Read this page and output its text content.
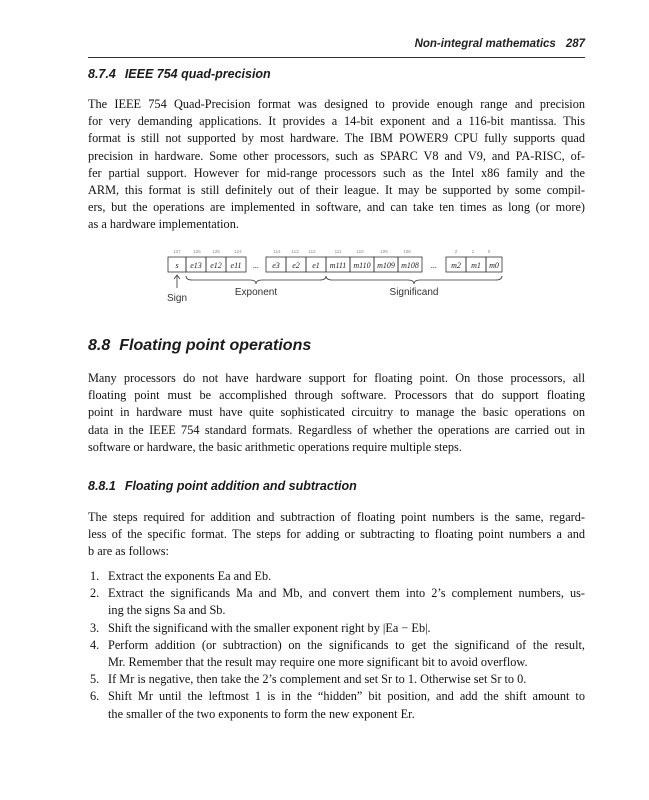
Non-integral mathematics 287
8.7.4 IEEE 754 quad-precision
The IEEE 754 Quad-Precision format was designed to provide enough range and precision
for very demanding applications. It provides a 14-bit exponent and a 116-bit mantissa. This
format is still not supported by most hardware. The IBM POWER9 CPU fully supports quad
precision in hardware. Some other processors, such as SPARC V8 and V9, and PA-RISC, of-
fer partial support. However for mid-range processors such as the Intel x86 family and the
ARM, this format is still definitely out of their league. It may be supported by some compil-
ers, but the operations are implemented in software, and can take ten times as long (or more)
as a hardware implementation.
127	126	125	124	114 113 112	111	110	109	108	2	1	0
s e13 e12 e11 ... e3 e2 e1 m111 m110 m109 m108 ... m2 m1 m0
Exponent	Significand
Sign
8.8 Floating point operations
Many processors do not have hardware support for floating point. On those processors, all
floating point must be accomplished through software. Processors that do support floating
point in hardware must have quite sophisticated circuitry to manage the basic operations on
data in the IEEE 754 standard formats. Regardless of whether the operations are carried out in
software or hardware, the basic arithmetic operations require multiple steps.
8.8.1 Floating point addition and subtraction
The steps required for addition and subtraction of floating point numbers is the same, regard-
less of the specific format. The steps for adding or subtracting to floating point numbers a and
b are as follows:
1. Extract the exponents Ea and Eb.
2. Extract the significands Ma and Mb, and convert them into 2’s complement numbers, us-
ing the signs Sa and Sb.
3. Shift the significand with the smaller exponent right by |Ea − Eb|.
4. Perform addition (or subtraction) on the significands to get the significand of the result,
Mr. Remember that the result may require one more significant bit to avoid overflow.
5. If Mr is negative, then take the 2’s complement and set Sr to 1. Otherwise set Sr to 0.
6. Shift Mr until the leftmost 1 is in the “hidden” bit position, and add the shift amount to
the smaller of the two exponents to form the new exponent Er.
